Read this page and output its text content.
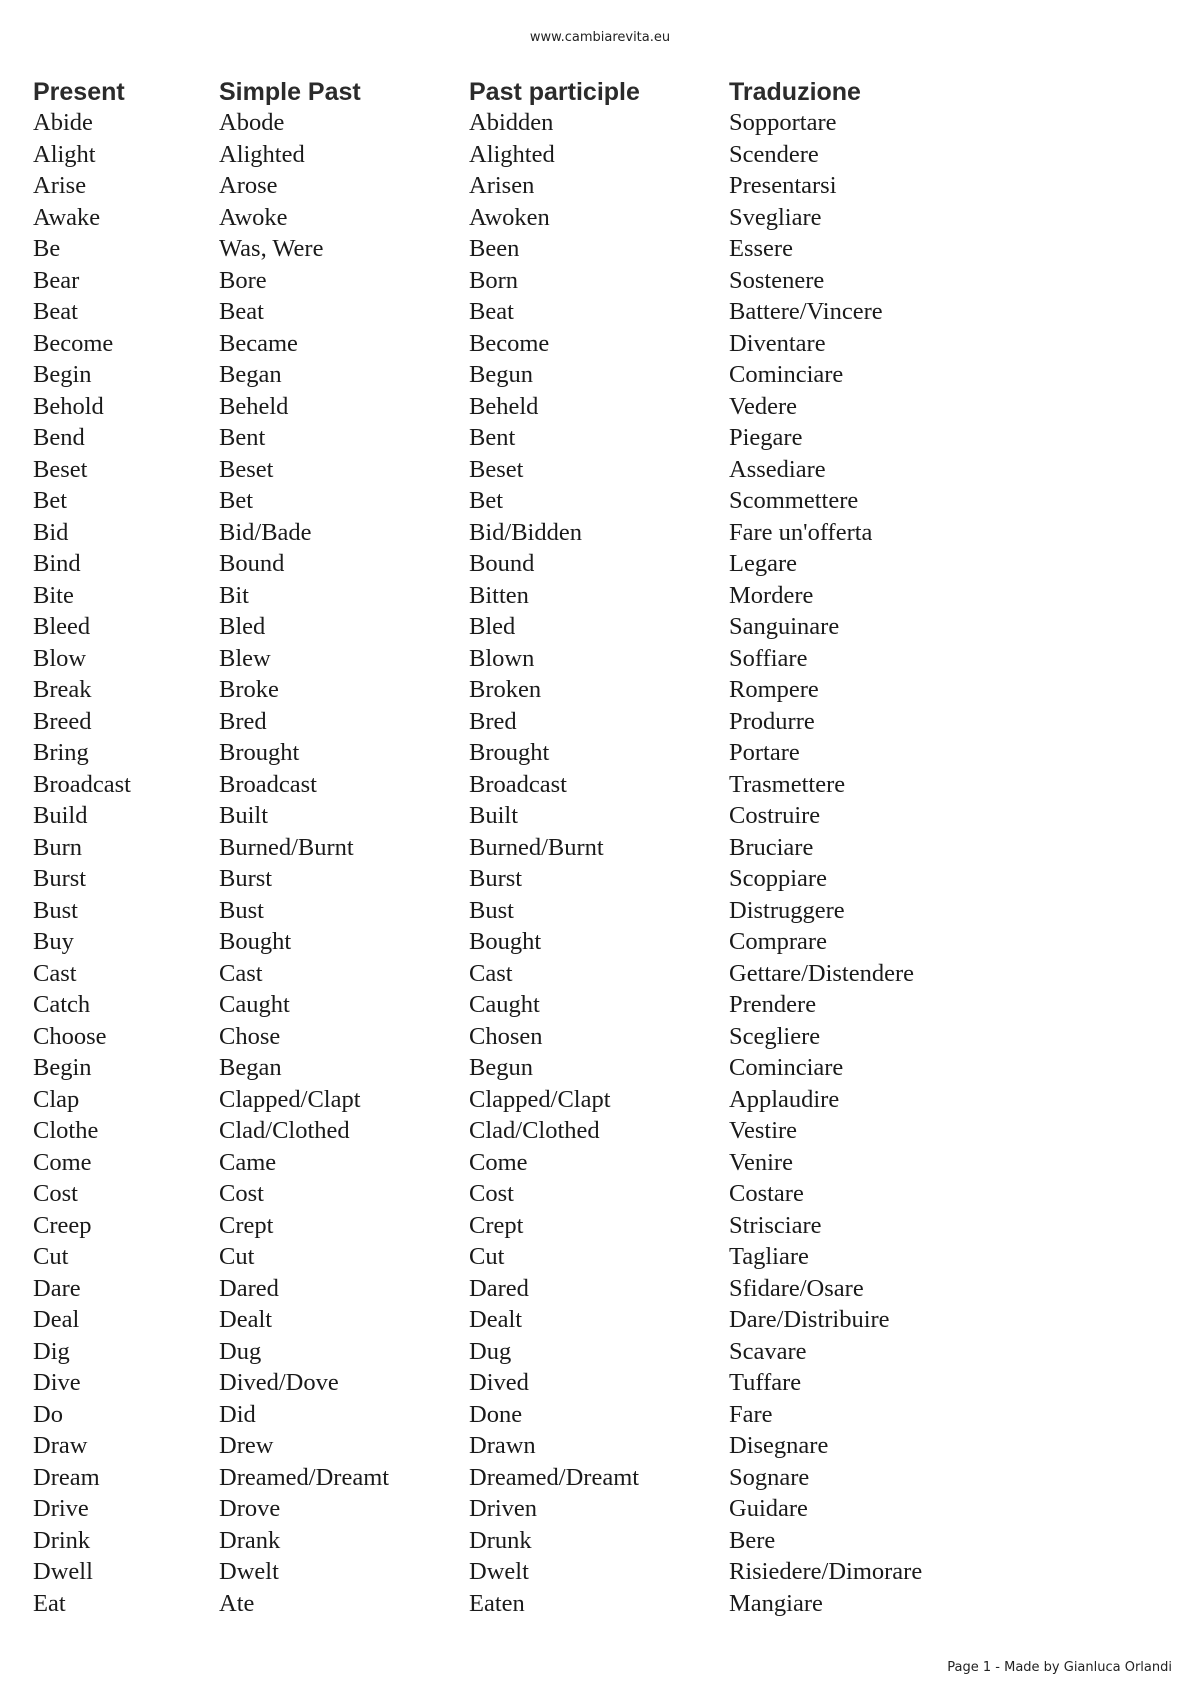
www.cambiarevita.eu
Present	Simple Past	Past participle	Traduzione
Abide	Abode	Abidden	Sopportare
Alight	Alighted	Alighted	Scendere
Arise	Arose	Arisen	Presentarsi
Awake	Awoke	Awoken	Svegliare
Be	Was, Were	Been	Essere
Bear	Bore	Born	Sostenere
Beat	Beat	Beat	Battere/Vincere
Become	Became	Become	Diventare
Begin	Began	Begun	Cominciare
Behold	Beheld	Beheld	Vedere
Bend	Bent	Bent	Piegare
Beset	Beset	Beset	Assediare
Bet	Bet	Bet	Scommettere
Bid	Bid/Bade	Bid/Bidden	Fare un'offerta
Bind	Bound	Bound	Legare
Bite	Bit	Bitten	Mordere
Bleed	Bled	Bled	Sanguinare
Blow	Blew	Blown	Soffiare
Break	Broke	Broken	Rompere
Breed	Bred	Bred	Produrre
Bring	Brought	Brought	Portare
Broadcast	Broadcast	Broadcast	Trasmettere
Build	Built	Built	Costruire
Burn	Burned/Burnt	Burned/Burnt	Bruciare
Burst	Burst	Burst	Scoppiare
Bust	Bust	Bust	Distruggere
Buy	Bought	Bought	Comprare
Cast	Cast	Cast	Gettare/Distendere
Catch	Caught	Caught	Prendere
Choose	Chose	Chosen	Scegliere
Begin	Began	Begun	Cominciare
Clap	Clapped/Clapt	Clapped/Clapt	Applaudire
Clothe	Clad/Clothed	Clad/Clothed	Vestire
Come	Came	Come	Venire
Cost	Cost	Cost	Costare
Creep	Crept	Crept	Strisciare
Cut	Cut	Cut	Tagliare
Dare	Dared	Dared	Sfidare/Osare
Deal	Dealt	Dealt	Dare/Distribuire
Dig	Dug	Dug	Scavare
Dive	Dived/Dove	Dived	Tuffare
Do	Did	Done	Fare
Draw	Drew	Drawn	Disegnare
Dream	Dreamed/Dreamt	Dreamed/Dreamt	Sognare
Drive	Drove	Driven	Guidare
Drink	Drank	Drunk	Bere
Dwell	Dwelt	Dwelt	Risiedere/Dimorare
Eat	Ate	Eaten	Mangiare
Page 1 - Made by Gianluca Orlandi
